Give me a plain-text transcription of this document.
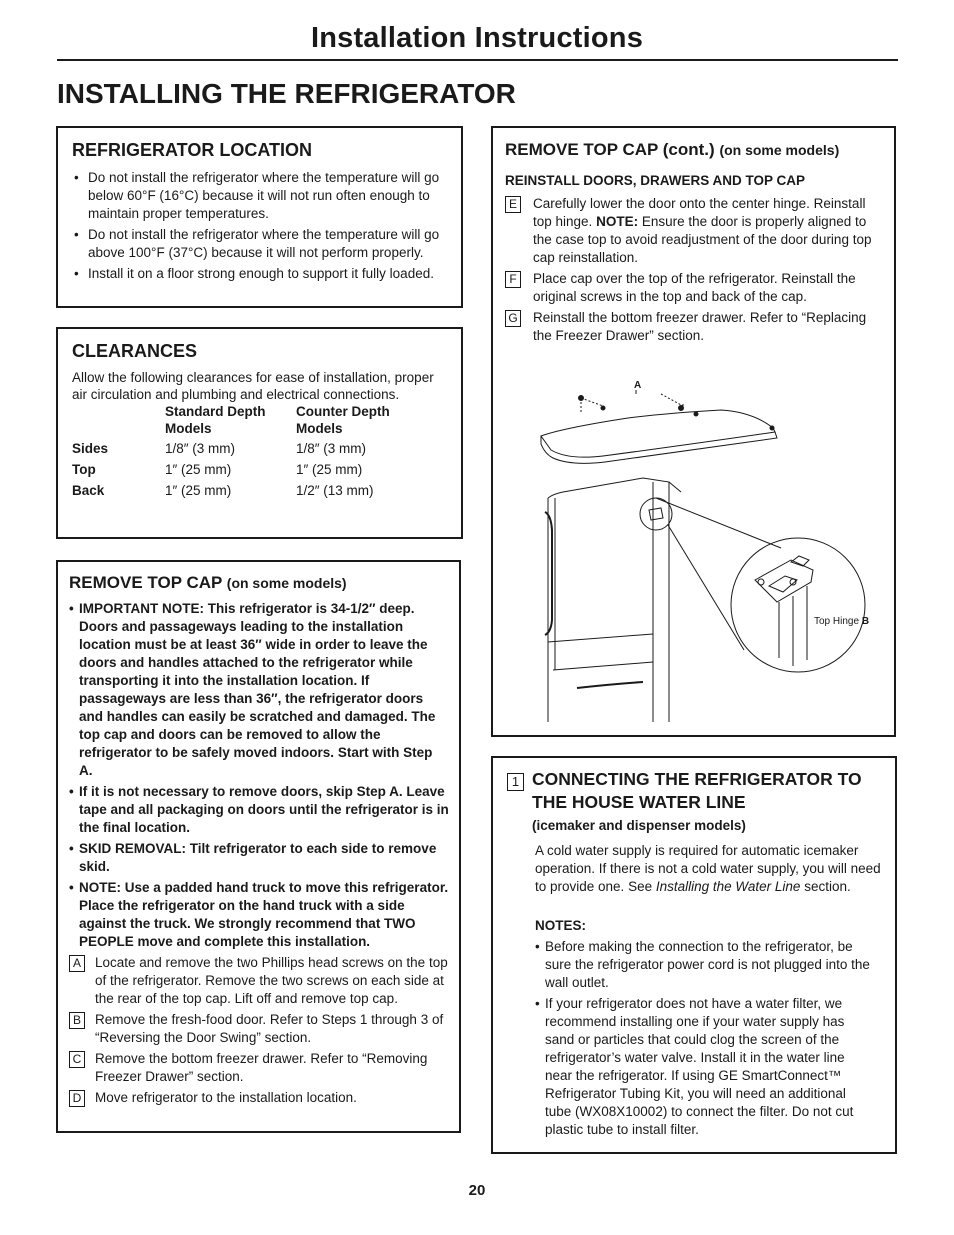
Installation Instructions
INSTALLING THE REFRIGERATOR
REFRIGERATOR LOCATION
• Do not install the refrigerator where the temperature will go below 60°F (16°C) because it will not run often enough to maintain proper temperatures.
• Do not install the refrigerator where the temperature will go above 100°F (37°C) because it will not perform properly.
• Install it on a floor strong enough to support it fully loaded.
CLEARANCES
Allow the following clearances for ease of installation, proper air circulation and plumbing and electrical connections.
	Standard Depth Models	Counter Depth Models
Sides	1/8″ (3 mm)	1/8″ (3 mm)
Top	1″ (25 mm)	1″ (25 mm)
Back	1″ (25 mm)	1/2″ (13 mm)
REMOVE TOP CAP (on some models)
• IMPORTANT NOTE: This refrigerator is 34-1/2″ deep. Doors and passageways leading to the installation location must be at least 36″ wide in order to leave the doors and handles attached to the refrigerator while transporting it into the installation location. If passageways are less than 36″, the refrigerator doors and handles can easily be scratched and damaged. The top cap and doors can be removed to allow the refrigerator to be safely moved indoors. Start with Step A.
• If it is not necessary to remove doors, skip Step A. Leave tape and all packaging on doors until the refrigerator is in the final location.
• SKID REMOVAL: Tilt refrigerator to each side to remove skid.
• NOTE: Use a padded hand truck to move this refrigerator. Place the refrigerator on the hand truck with a side against the truck. We strongly recommend that TWO PEOPLE move and complete this installation.
A Locate and remove the two Phillips head screws on the top of the refrigerator. Remove the two screws on each side at the rear of the top cap. Lift off and remove top cap.
B Remove the fresh-food door. Refer to Steps 1 through 3 of “Reversing the Door Swing” section.
C Remove the bottom freezer drawer. Refer to “Removing Freezer Drawer” section.
D Move refrigerator to the installation location.
REMOVE TOP CAP (cont.) (on some models)
REINSTALL DOORS, DRAWERS AND TOP CAP
E Carefully lower the door onto the center hinge. Reinstall top hinge. NOTE: Ensure the door is properly aligned to the case top to avoid readjustment of the door during top cap reinstallation.
F	Place cap over the top of the refrigerator. Reinstall the original screws in the top and back of the cap.
G Reinstall the bottom freezer drawer. Refer to “Replacing the Freezer Drawer” section.
A
Top Hinge B
1 CONNECTING THE REFRIGERATOR TO THE HOUSE WATER LINE
(icemaker and dispenser models)
A cold water supply is required for automatic icemaker operation. If there is not a cold water supply, you will need to provide one. See Installing the Water Line section.
NOTES:
• Before making the connection to the refrigerator, be sure the refrigerator power cord is not plugged into the wall outlet.
• If your refrigerator does not have a water filter, we recommend installing one if your water supply has sand or particles that could clog the screen of the refrigerator’s water valve. Install it in the water line near the refrigerator. If using GE SmartConnect™ Refrigerator Tubing Kit, you will need an additional tube (WX08X10002) to connect the filter. Do not cut plastic tube to install filter.
20
